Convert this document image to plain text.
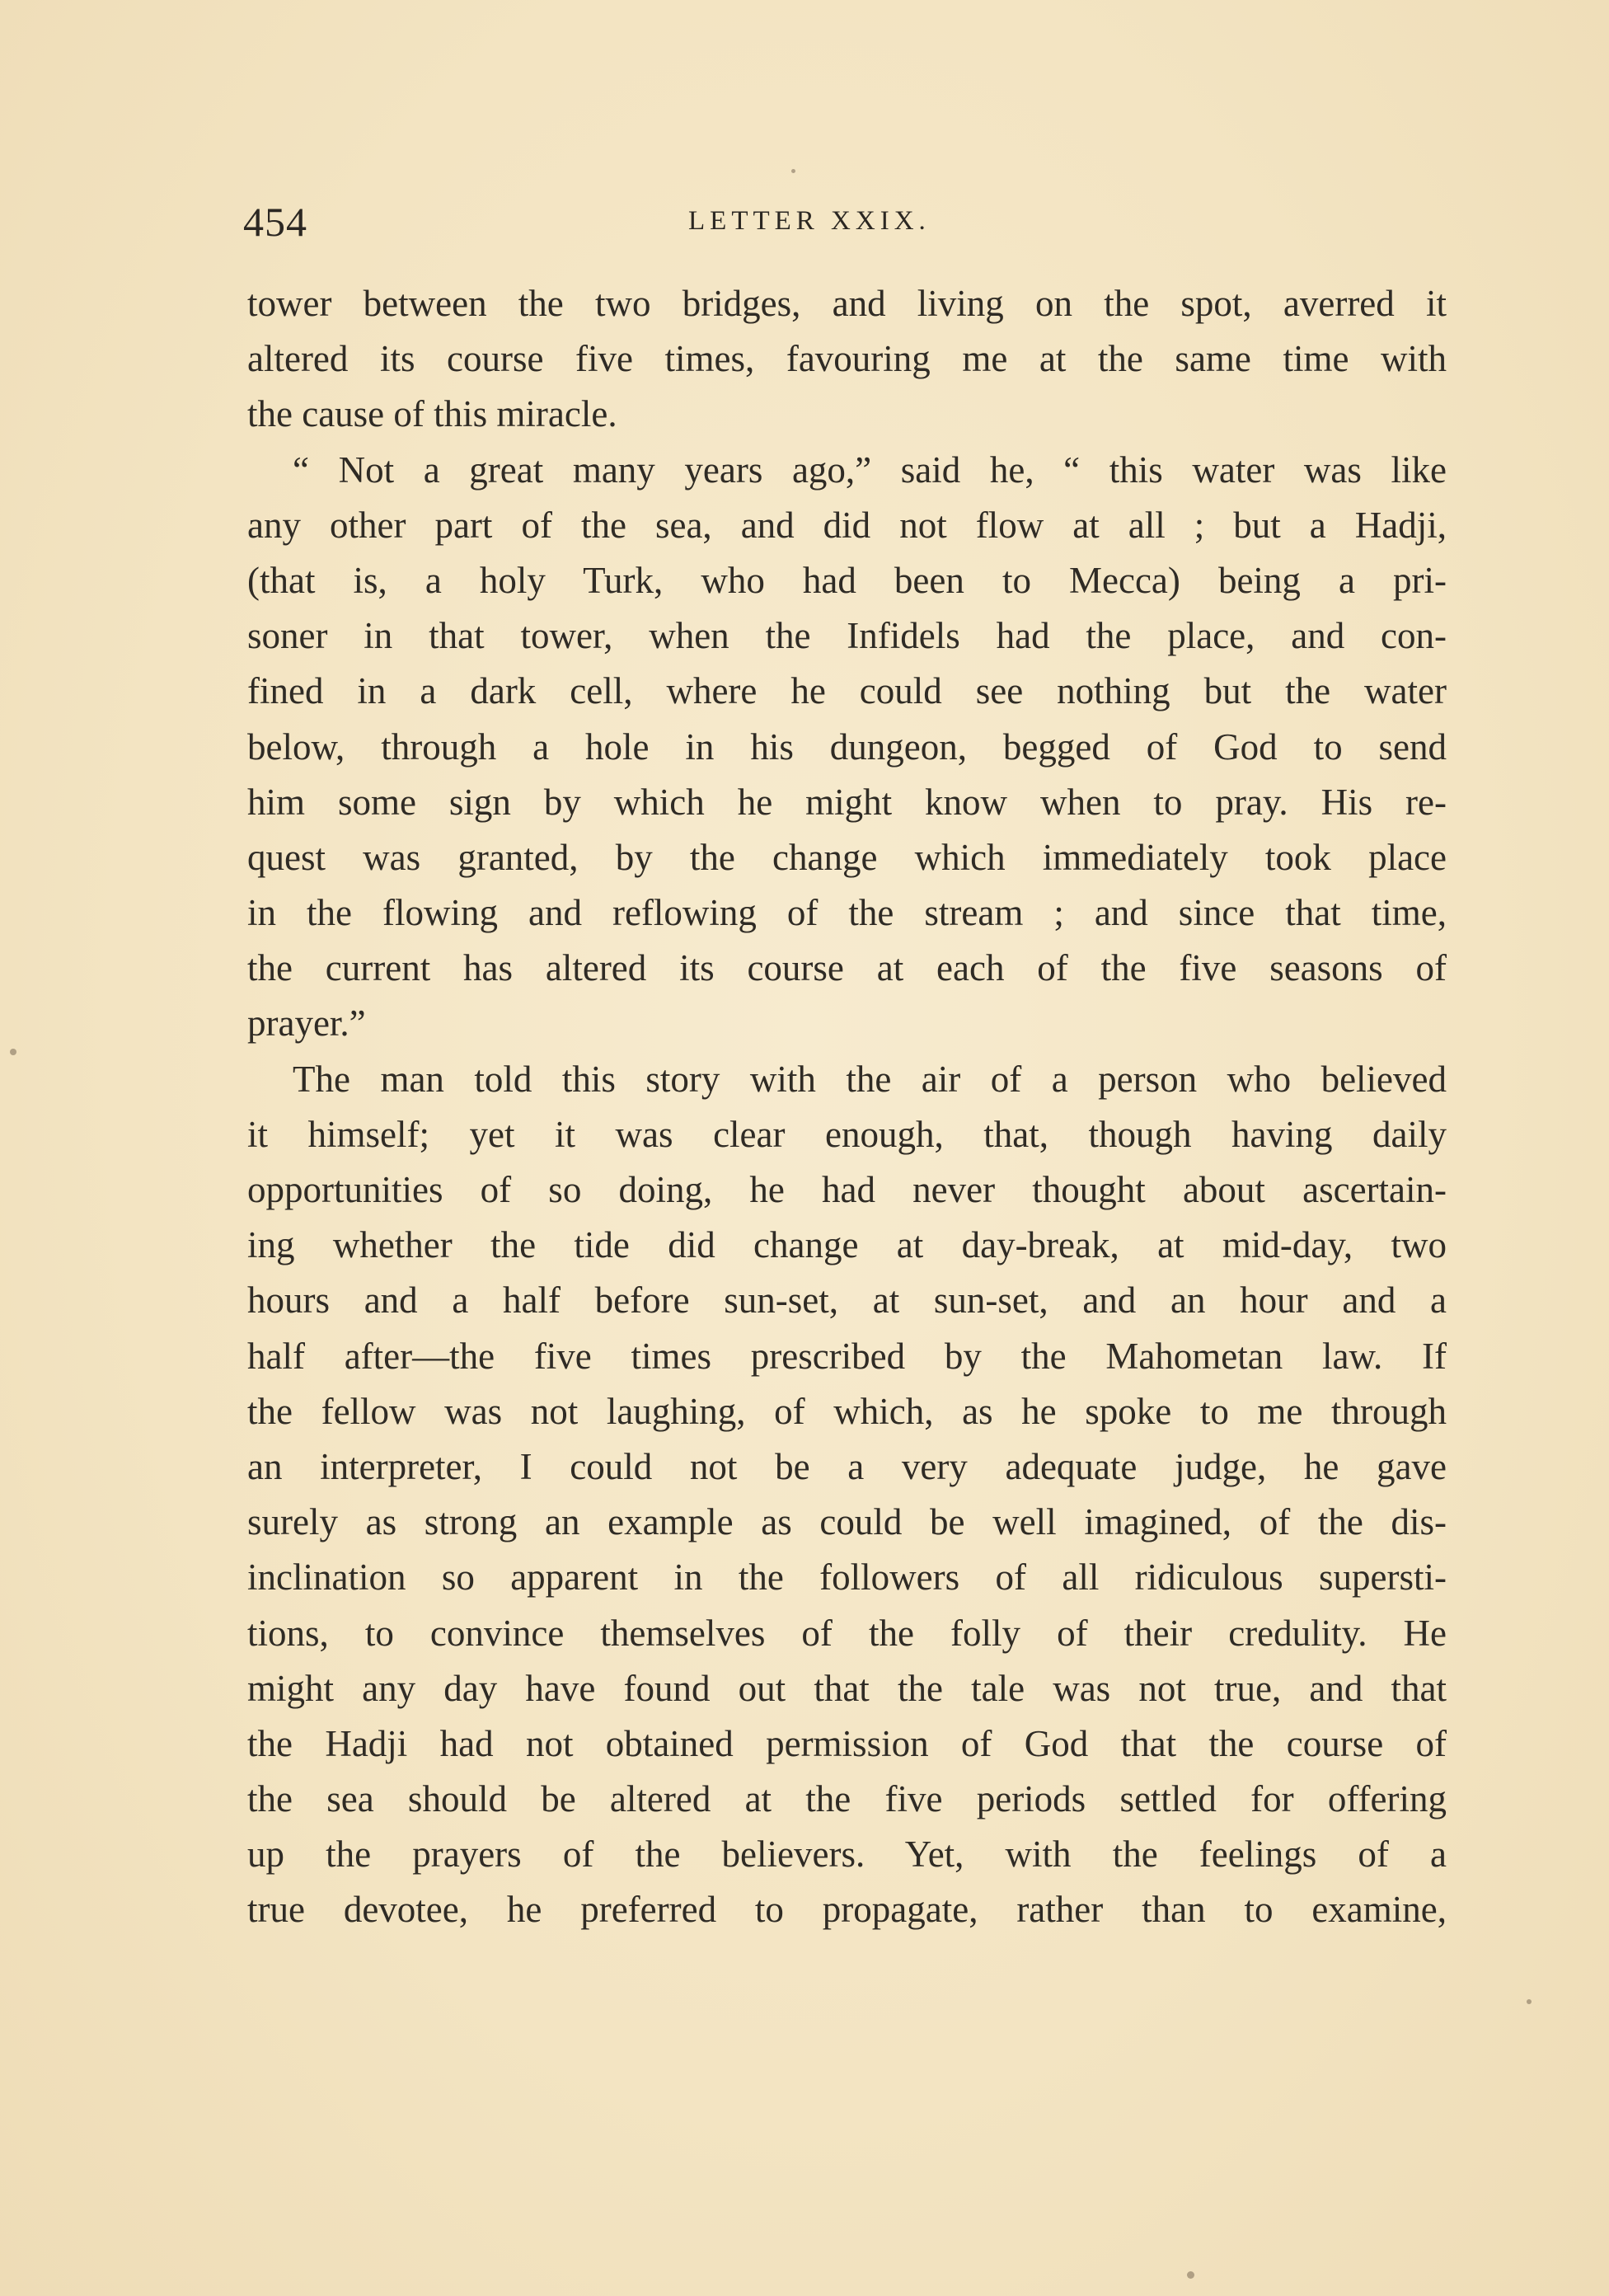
454	LETTER XXIX.
tower between the two bridges, and living on the spot, averred it
altered its course five times, favouring me at the same time with
the cause of this miracle.
“ Not a great many years ago,” said he, “ this water was like
any other part of the sea, and did not flow at all ; but a Hadji,
(that is, a holy Turk, who had been to Mecca) being a pri-
soner in that tower, when the Infidels had the place, and con-
fined in a dark cell, where he could see nothing but the water
below, through a hole in his dungeon, begged of God to send
him some sign by which he might know when to pray. His re-
quest was granted, by the change which immediately took place
in the flowing and reflowing of the stream ; and since that time,
the current has altered its course at each of the five seasons of
prayer.”
The man told this story with the air of a person who believed
it himself; yet it was clear enough, that, though having daily
opportunities of so doing, he had never thought about ascertain-
ing whether the tide did change at day-break, at mid-day, two
hours and a half before sun-set, at sun-set, and an hour and a
half after—the five times prescribed by the Mahometan law. If
the fellow was not laughing, of which, as he spoke to me through
an interpreter, I could not be a very adequate judge, he gave
surely as strong an example as could be well imagined, of the dis-
inclination so apparent in the followers of all ridiculous supersti-
tions, to convince themselves of the folly of their credulity. He
might any day have found out that the tale was not true, and that
the Hadji had not obtained permission of God that the course of
the sea should be altered at the five periods settled for offering
up the prayers of the believers. Yet, with the feelings of a
true devotee, he preferred to propagate, rather than to examine,
